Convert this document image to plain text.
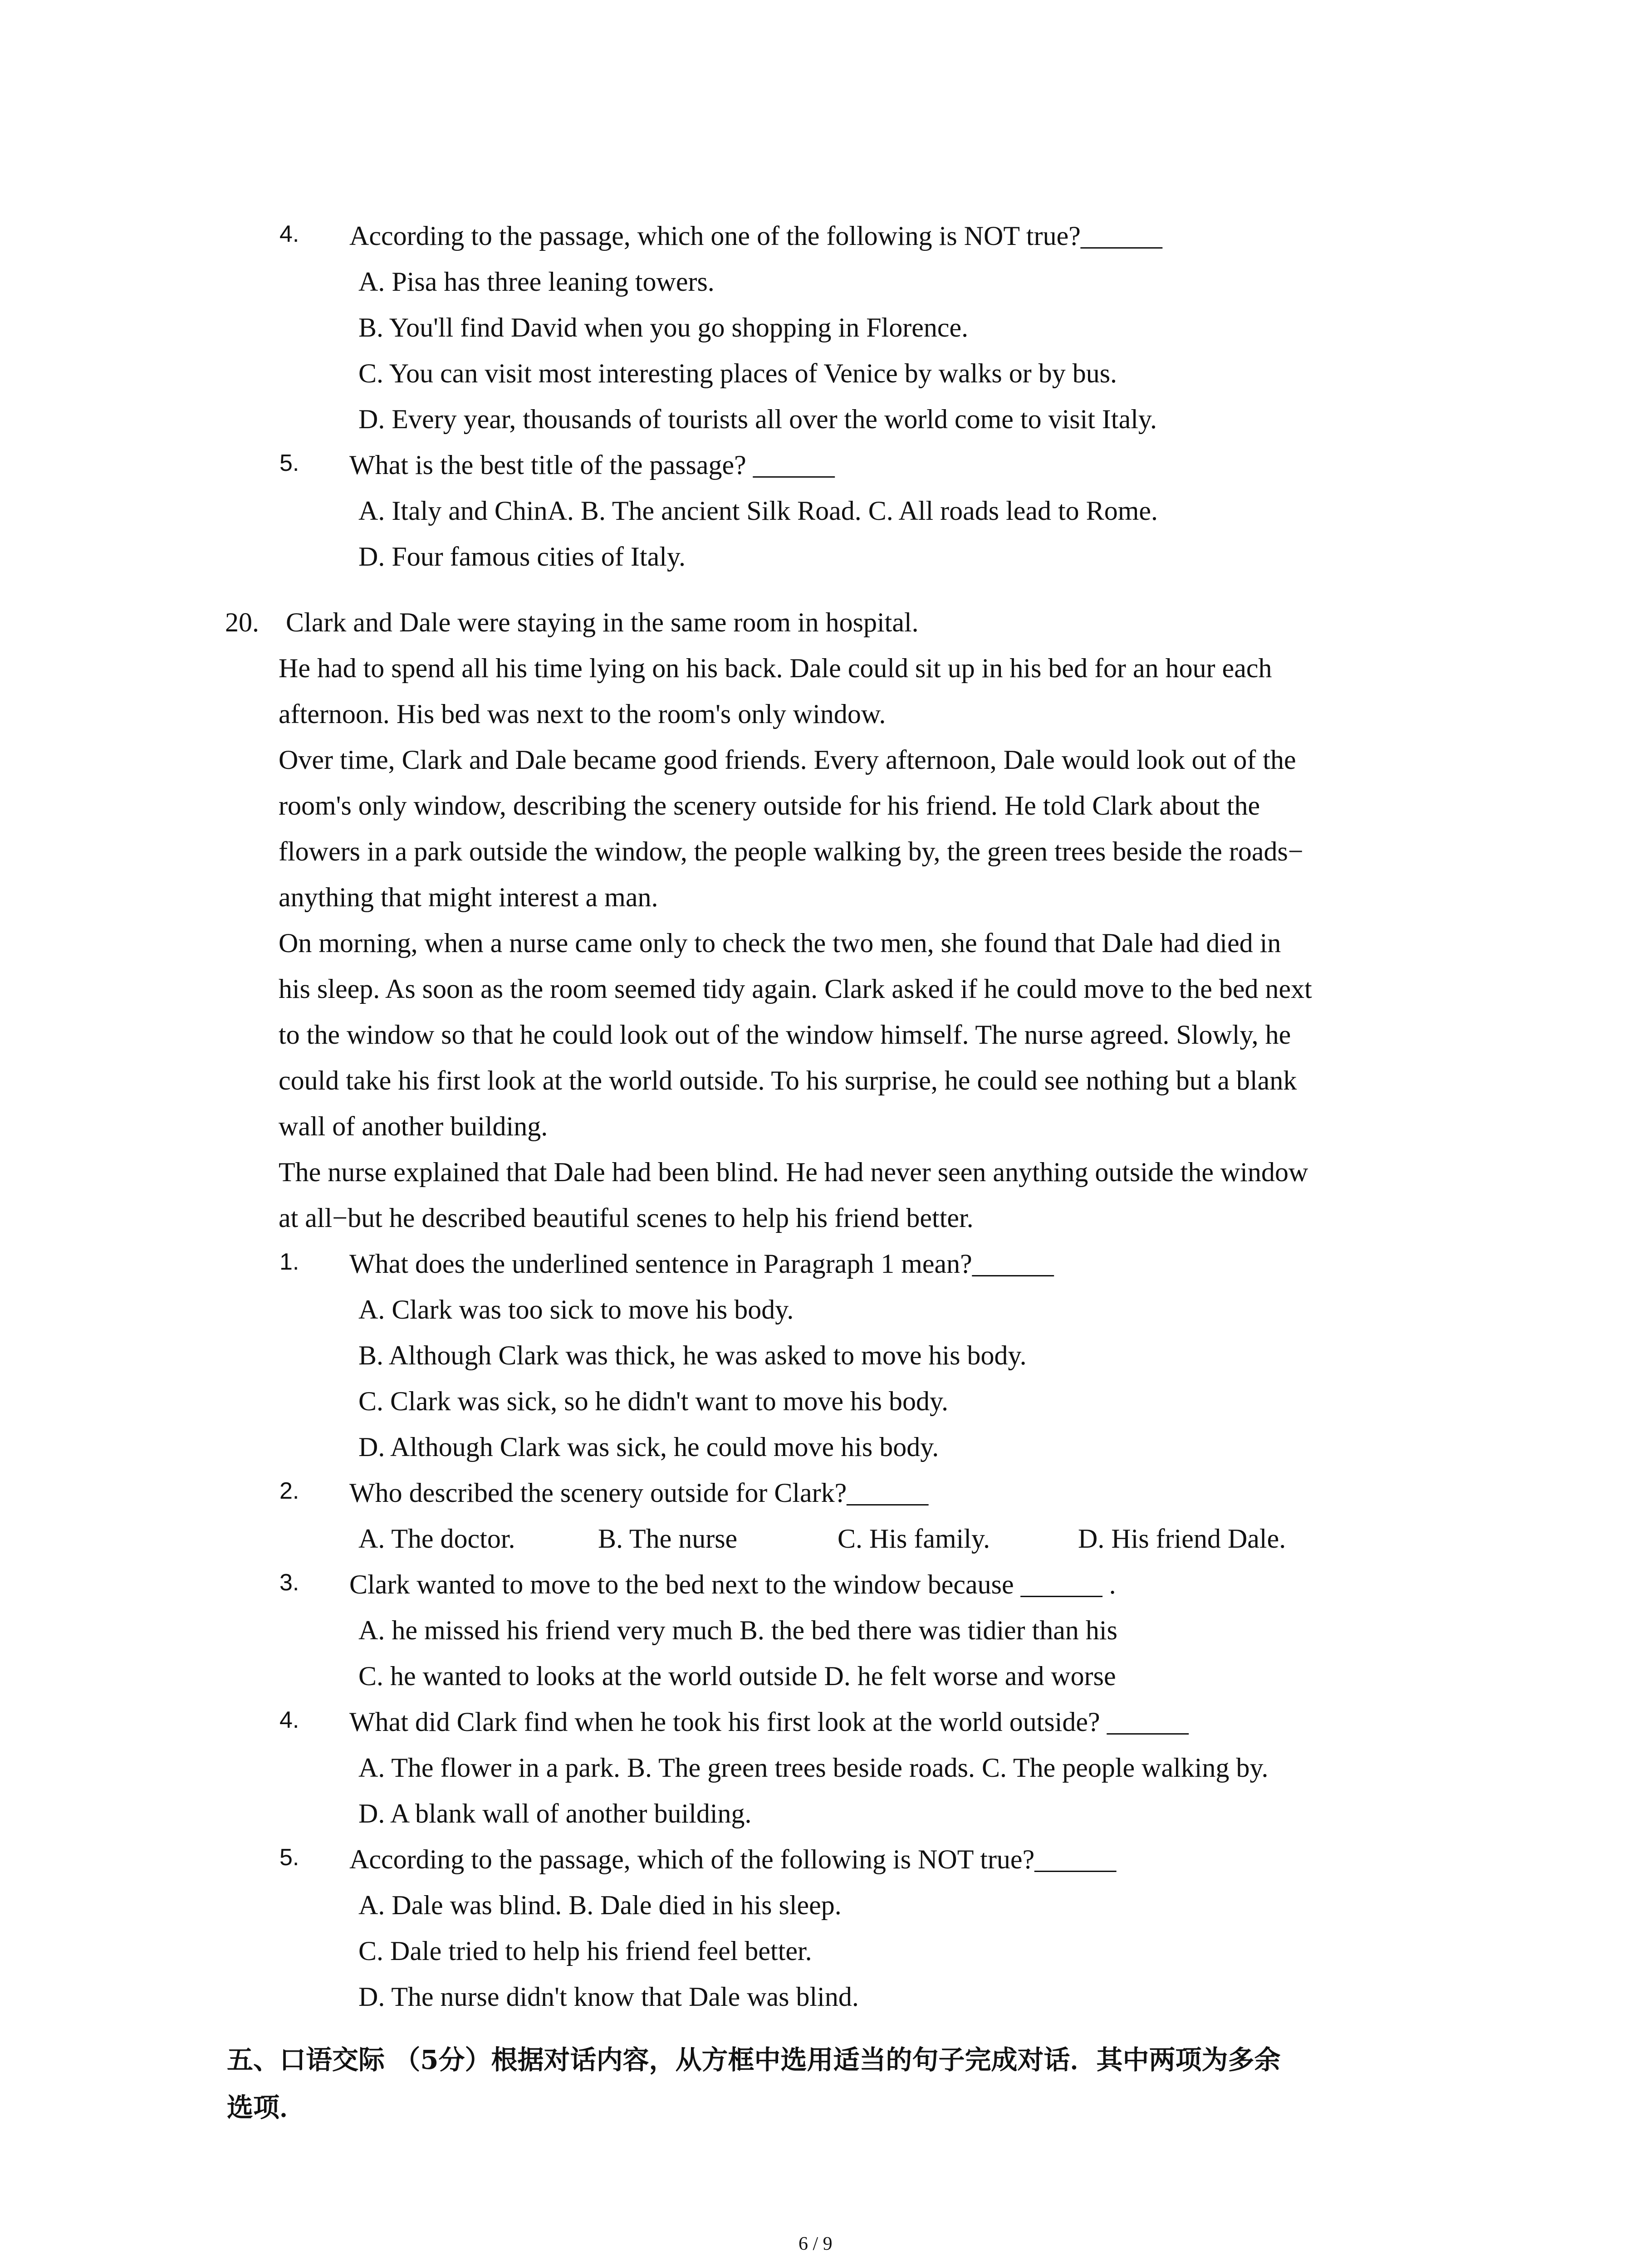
4. According to the passage, which one of the following is NOT true?______
A. Pisa has three leaning towers.
B. You'll find David when you go shopping in Florence.
C. You can visit most interesting places of Venice by walks or by bus.
D. Every year, thousands of tourists all over the world come to visit Italy.
5. What is the best title of the passage? ______
A. Italy and ChinA. B. The ancient Silk Road. C. All roads lead to Rome.
D. Four famous cities of Italy.
20. Clark and Dale were staying in the same room in hospital.
He had to spend all his time lying on his back. Dale could sit up in his bed for an hour each
afternoon. His bed was next to the room's only window.
Over time, Clark and Dale became good friends. Every afternoon, Dale would look out of the
room's only window, describing the scenery outside for his friend. He told Clark about the
flowers in a park outside the window, the people walking by, the green trees beside the roads−
anything that might interest a man.
On morning, when a nurse came only to check the two men, she found that Dale had died in
his sleep. As soon as the room seemed tidy again. Clark asked if he could move to the bed next
to the window so that he could look out of the window himself. The nurse agreed. Slowly, he
could take his first look at the world outside. To his surprise, he could see nothing but a blank
wall of another building.
The nurse explained that Dale had been blind. He had never seen anything outside the window
at all−but he described beautiful scenes to help his friend better.
1. What does the underlined sentence in Paragraph 1 mean?______
A. Clark was too sick to move his body.
B. Although Clark was thick, he was asked to move his body.
C. Clark was sick, so he didn't want to move his body.
D. Although Clark was sick, he could move his body.
2. Who described the scenery outside for Clark?______
A. The doctor.	B. The nurse	C. His family.	D. His friend Dale.
3. Clark wanted to move to the bed next to the window because ______ .
A. he missed his friend very much B. the bed there was tidier than his
C. he wanted to looks at the world outside D. he felt worse and worse
4. What did Clark find when he took his first look at the world outside? ______
A. The flower in a park. B. The green trees beside roads. C. The people walking by.
D. A blank wall of another building.
5. According to the passage, which of the following is NOT true?______
A. Dale was blind. B. Dale died in his sleep.
C. Dale tried to help his friend feel better.
D. The nurse didn't know that Dale was blind.
五、口语交际 （5分）根据对话内容，从方框中选用适当的句子完成对话．其中两项为多余
选项．
6 / 9
